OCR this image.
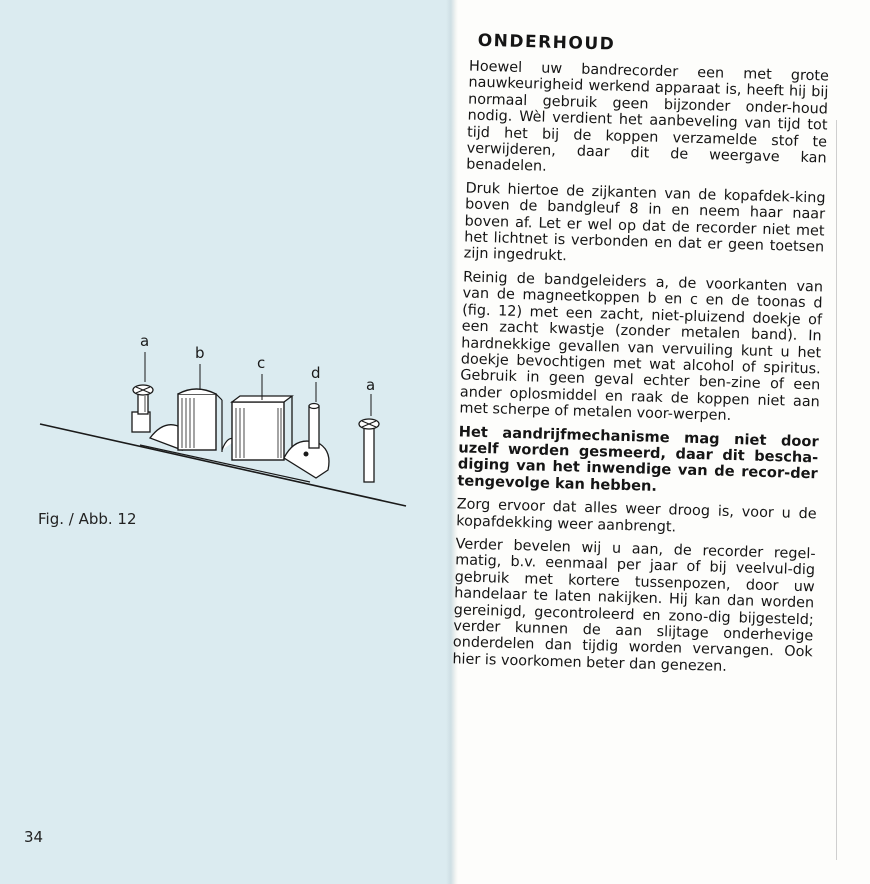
a
b
c
d
a
Fig. / Abb. 12
34
ONDERHOUD

Hoewel uw bandrecorder een met grote nauwkeurigheid werkend apparaat is, heeft hij bij normaal gebruik geen bijzonder onder-houd nodig. Wèl verdient het aanbeveling van tijd tot tijd het bij de koppen verzamelde stof te verwijderen, daar dit de weergave kan benadelen.

Druk hiertoe de zijkanten van de kopafdek-king boven de bandgleuf 8 in en neem haar naar boven af. Let er wel op dat de recorder niet met het lichtnet is verbonden en dat er geen toetsen zijn ingedrukt.

Reinig de bandgeleiders a, de voorkanten van van de magneetkoppen b en c en de toonas d (fig. 12) met een zacht, niet-pluizend doekje of een zacht kwastje (zonder metalen band). In hardnekkige gevallen van vervuiling kunt u het doekje bevochtigen met wat alcohol of spiritus. Gebruik in geen geval echter ben-zine of een ander oplosmiddel en raak de koppen niet aan met scherpe of metalen voor-werpen.

Het aandrijfmechanisme mag niet door uzelf worden gesmeerd, daar dit bescha-diging van het inwendige van de recor-der tengevolge kan hebben.

Zorg ervoor dat alles weer droog is, voor u de kopafdekking weer aanbrengt.

Verder bevelen wij u aan, de recorder regel-matig, b.v. eenmaal per jaar of bij veelvul-dig gebruik met kortere tussenpozen, door uw handelaar te laten nakijken. Hij kan dan worden gereinigd, gecontroleerd en zono-dig bijgesteld; verder kunnen de aan slijtage onderhevige onderdelen dan tijdig worden vervangen. Ook hier is voorkomen beter dan genezen.
